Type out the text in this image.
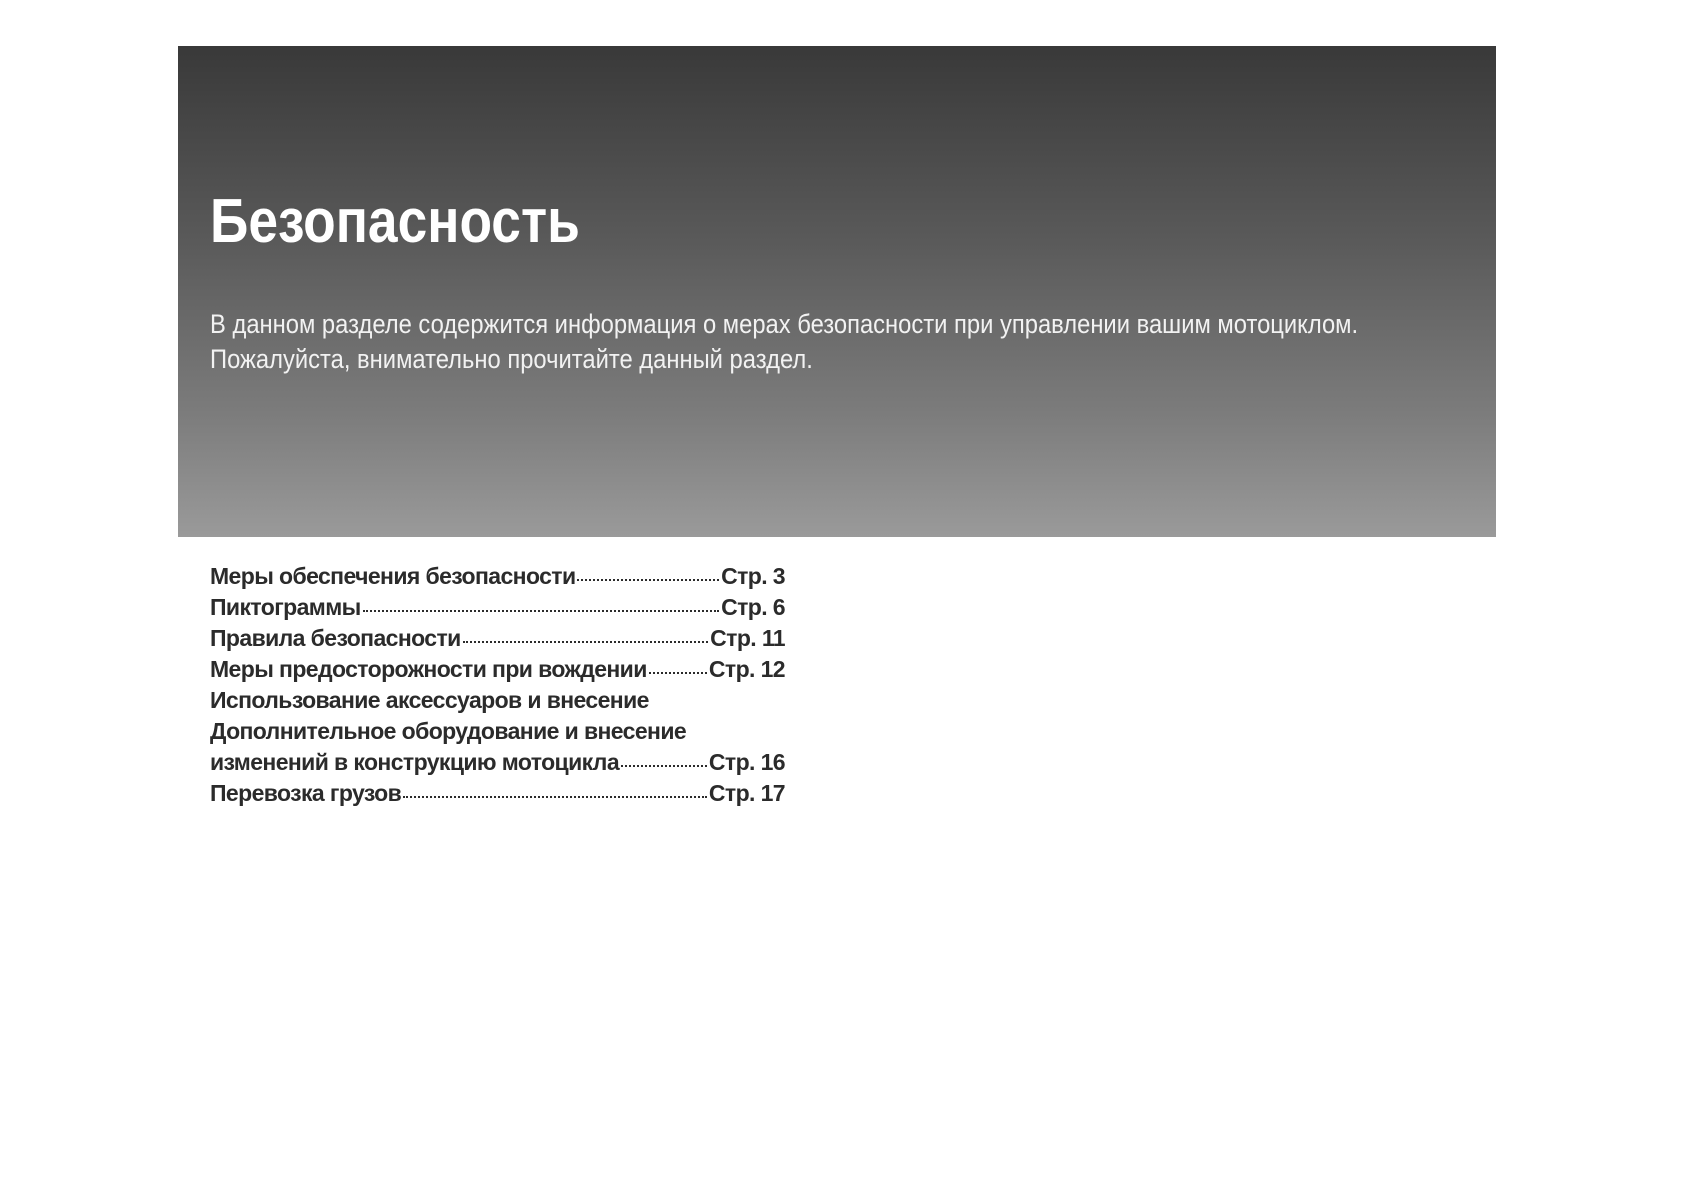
Безопасность
В данном разделе содержится информация о мерах безопасности при управлении вашим мотоциклом.
Пожалуйста, внимательно прочитайте данный раздел.
Меры обеспечения безопасности	Стр. 3
Пиктограммы	Стр. 6
Правила безопасности	Стр. 11
Меры предосторожности при вождении	Стр. 12
Использование аксессуаров и внесение
Дополнительное оборудование и внесение
изменений в конструкцию мотоцикла	Стр. 16
Перевозка грузов	Стр. 17
